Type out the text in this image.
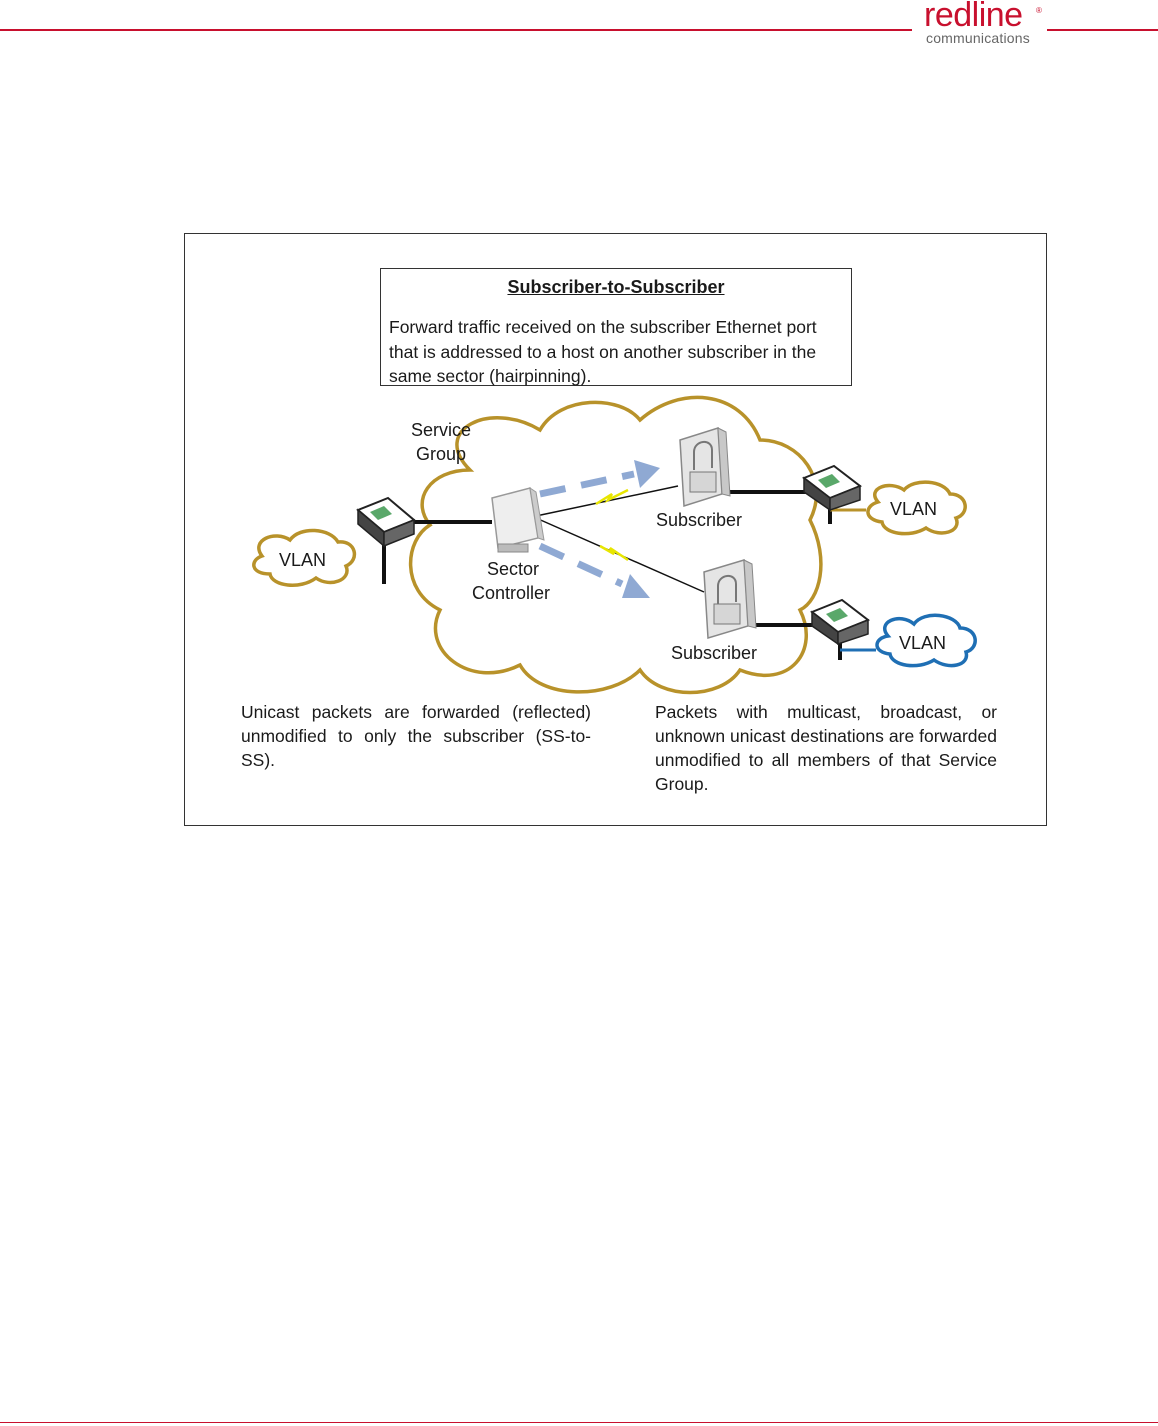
redline ®
communications
Subscriber-to-Subscriber
Forward traffic received on the subscriber Ethernet port that is addressed to a host on another subscriber in the same sector (hairpinning).
Service
Group
Sector
Controller
Subscriber
Subscriber
VLAN
VLAN
VLAN
Unicast packets are forwarded (reflected) unmodified to only the subscriber (SS-to-SS).
Packets with multicast, broadcast, or unknown unicast destinations are forwarded unmodified to all members of that Service Group.
